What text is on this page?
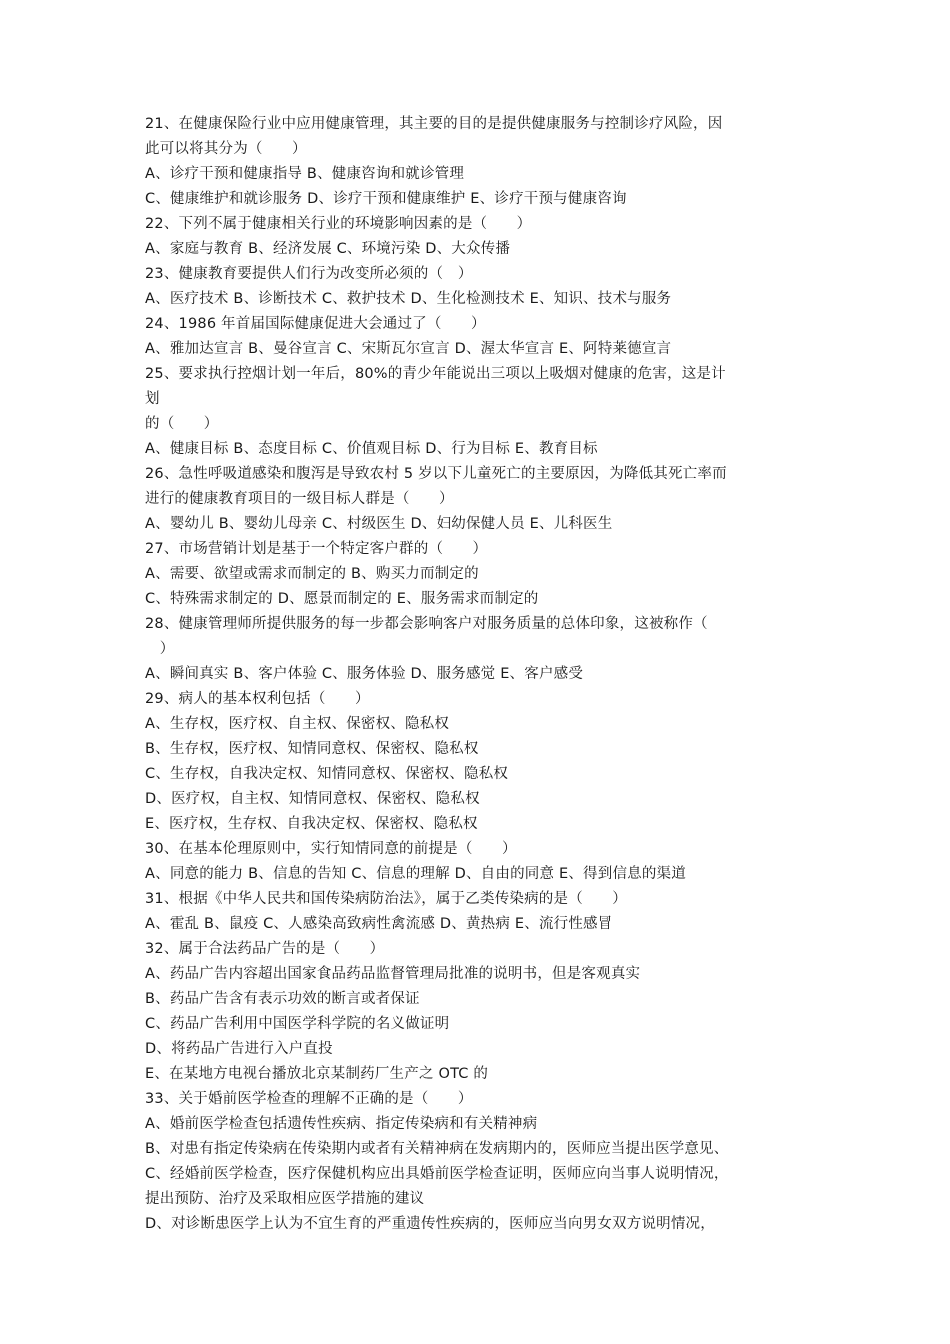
21、在健康保险行业中应用健康管理，其主要的目的是提供健康服务与控制诊疗风险，因
此可以将其分为（　　）
A、诊疗干预和健康指导 B、健康咨询和就诊管理
C、健康维护和就诊服务 D、诊疗干预和健康维护 E、诊疗干预与健康咨询
22、下列不属于健康相关行业的环境影响因素的是（　　）
A、家庭与教育 B、经济发展 C、环境污染 D、大众传播
23、健康教育要提供人们行为改变所必须的（　）
A、医疗技术 B、诊断技术 C、救护技术 D、生化检测技术 E、知识、技术与服务
24、1986 年首届国际健康促进大会通过了（　　）
A、雅加达宣言 B、曼谷宣言 C、宋斯瓦尔宣言 D、渥太华宣言 E、阿特莱德宣言
25、要求执行控烟计划一年后，80%的青少年能说出三项以上吸烟对健康的危害，这是计
划
的（　　）
A、健康目标 B、态度目标 C、价值观目标 D、行为目标 E、教育目标
26、急性呼吸道感染和腹泻是导致农村 5 岁以下儿童死亡的主要原因，为降低其死亡率而
进行的健康教育项目的一级目标人群是（　　）
A、婴幼儿 B、婴幼儿母亲 C、村级医生 D、妇幼保健人员 E、儿科医生
27、市场营销计划是基于一个特定客户群的（　　）
A、需要、欲望或需求而制定的 B、购买力而制定的
C、特殊需求制定的 D、愿景而制定的 E、服务需求而制定的
28、健康管理师所提供服务的每一步都会影响客户对服务质量的总体印象，这被称作（
　）
A、瞬间真实 B、客户体验 C、服务体验 D、服务感觉 E、客户感受
29、病人的基本权利包括（　　）
A、生存权，医疗权、自主权、保密权、隐私权
B、生存权，医疗权、知情同意权、保密权、隐私权
C、生存权，自我决定权、知情同意权、保密权、隐私权
D、医疗权，自主权、知情同意权、保密权、隐私权
E、医疗权，生存权、自我决定权、保密权、隐私权
30、在基本伦理原则中，实行知情同意的前提是（　　）
A、同意的能力 B、信息的告知 C、信息的理解 D、自由的同意 E、得到信息的渠道
31、根据《中华人民共和国传染病防治法》，属于乙类传染病的是（　　）
A、霍乱 B、鼠疫 C、人感染高致病性禽流感 D、黄热病 E、流行性感冒
32、属于合法药品广告的是（　　）
A、药品广告内容超出国家食品药品监督管理局批准的说明书，但是客观真实
B、药品广告含有表示功效的断言或者保证
C、药品广告利用中国医学科学院的名义做证明
D、将药品广告进行入户直投
E、在某地方电视台播放北京某制药厂生产之 OTC 的
33、关于婚前医学检查的理解不正确的是（　　）
A、婚前医学检查包括遗传性疾病、指定传染病和有关精神病
B、对患有指定传染病在传染期内或者有关精神病在发病期内的，医师应当提出医学意见、
C、经婚前医学检查，医疗保健机构应出具婚前医学检查证明，医师应向当事人说明情况，
提出预防、治疗及采取相应医学措施的建议
D、对诊断患医学上认为不宜生育的严重遗传性疾病的，医师应当向男女双方说明情况，
